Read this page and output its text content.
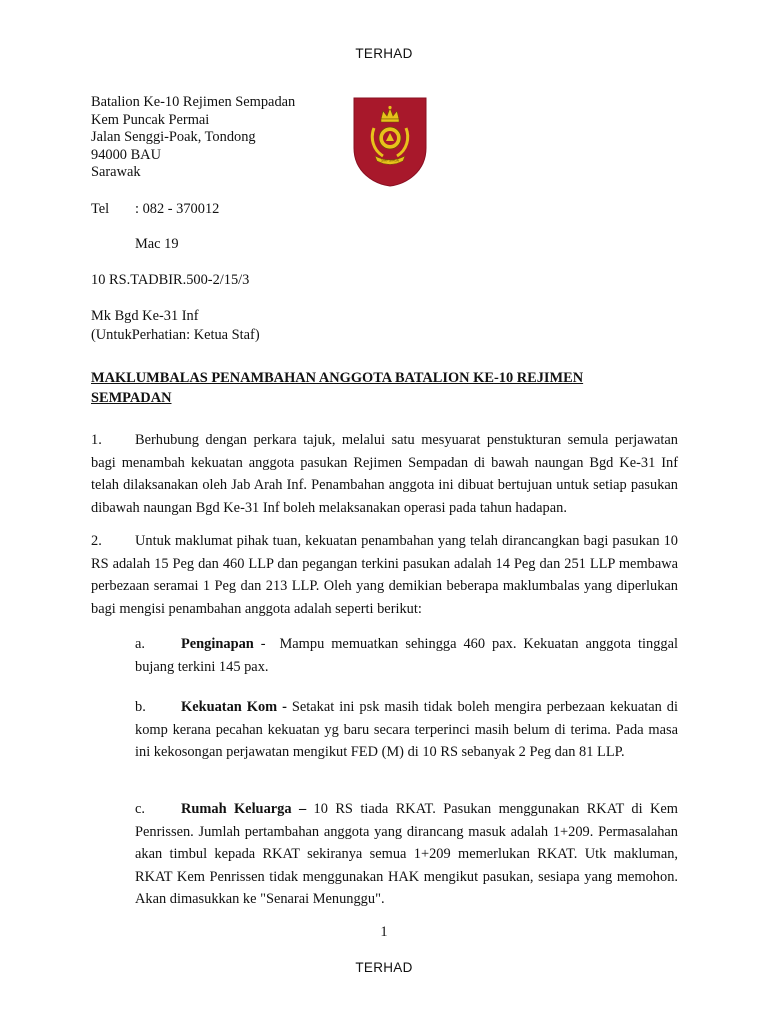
TERHAD
Batalion Ke-10 Rejimen Sempadan
Kem Puncak Permai
Jalan Senggi-Poak, Tondong
94000 BAU
Sarawak
SIAP SIAGA
Tel : 082 - 370012
Mac 19
10 RS.TADBIR.500-2/15/3
Mk Bgd Ke-31 Inf
(UntukPerhatian: Ketua Staf)
MAKLUMBALAS PENAMBAHAN ANGGOTA BATALION KE-10 REJIMEN SEMPADAN
1. Berhubung dengan perkara tajuk, melalui satu mesyuarat penstukturan semula perjawatan bagi menambah kekuatan anggota pasukan Rejimen Sempadan di bawah naungan Bgd Ke-31 Inf telah dilaksanakan oleh Jab Arah Inf. Penambahan anggota ini dibuat bertujuan untuk setiap pasukan dibawah naungan Bgd Ke-31 Inf boleh melaksanakan operasi pada tahun hadapan.
2. Untuk maklumat pihak tuan, kekuatan penambahan yang telah dirancangkan bagi pasukan 10 RS adalah 15 Peg dan 460 LLP dan pegangan terkini pasukan adalah 14 Peg dan 251 LLP membawa perbezaan seramai 1 Peg dan 213 LLP. Oleh yang demikian beberapa maklumbalas yang diperlukan bagi mengisi penambahan anggota adalah seperti berikut:
a.	Penginapan -  Mampu memuatkan sehingga 460 pax. Kekuatan anggota tinggal bujang terkini 145 pax.
b. Kekuatan Kom - Setakat ini psk masih tidak boleh mengira perbezaan kekuatan di komp kerana pecahan kekuatan yg baru secara terperinci masih belum di terima. Pada masa ini kekosongan perjawatan mengikut FED (M) di 10 RS sebanyak 2 Peg dan 81 LLP.
c.	Rumah Keluarga – 10 RS tiada RKAT. Pasukan menggunakan RKAT di Kem Penrissen. Jumlah pertambahan anggota yang dirancang masuk adalah 1+209. Permasalahan akan timbul kepada RKAT sekiranya semua 1+209 memerlukan RKAT. Utk makluman, RKAT Kem Penrissen tidak menggunakan HAK mengikut pasukan, sesiapa yang memohon. Akan dimasukkan ke "Senarai Menunggu".
1
TERHAD
